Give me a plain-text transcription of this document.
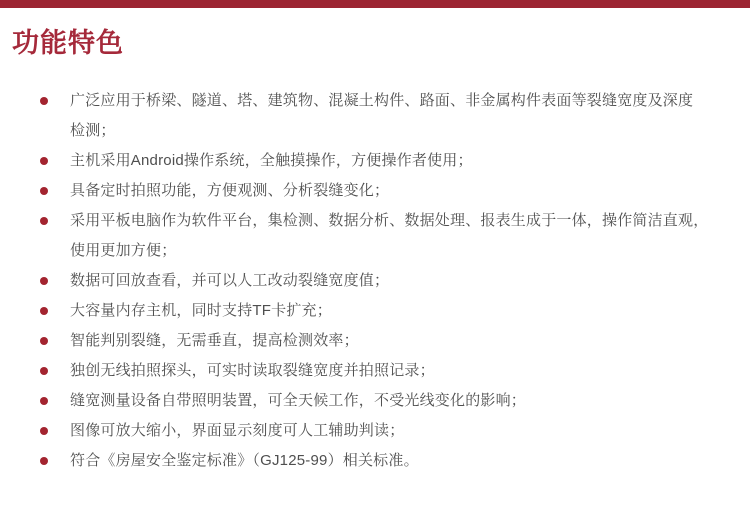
功能特色
广泛应用于桥梁、隧道、塔、建筑物、混凝土构件、路面、非金属构件表面等裂缝宽度及深度
检测；
主机采用Android操作系统，全触摸操作，方便操作者使用；
具备定时拍照功能，方便观测、分析裂缝变化；
采用平板电脑作为软件平台，集检测、数据分析、数据处理、报表生成于一体，操作简洁直观，
使用更加方便；
数据可回放查看，并可以人工改动裂缝宽度值；
大容量内存主机，同时支持TF卡扩充；
智能判别裂缝，无需垂直，提高检测效率；
独创无线拍照探头，可实时读取裂缝宽度并拍照记录；
缝宽测量设备自带照明装置，可全天候工作，不受光线变化的影响；
图像可放大缩小，界面显示刻度可人工辅助判读；
符合《房屋安全鉴定标准》（GJ125-99）相关标准。
